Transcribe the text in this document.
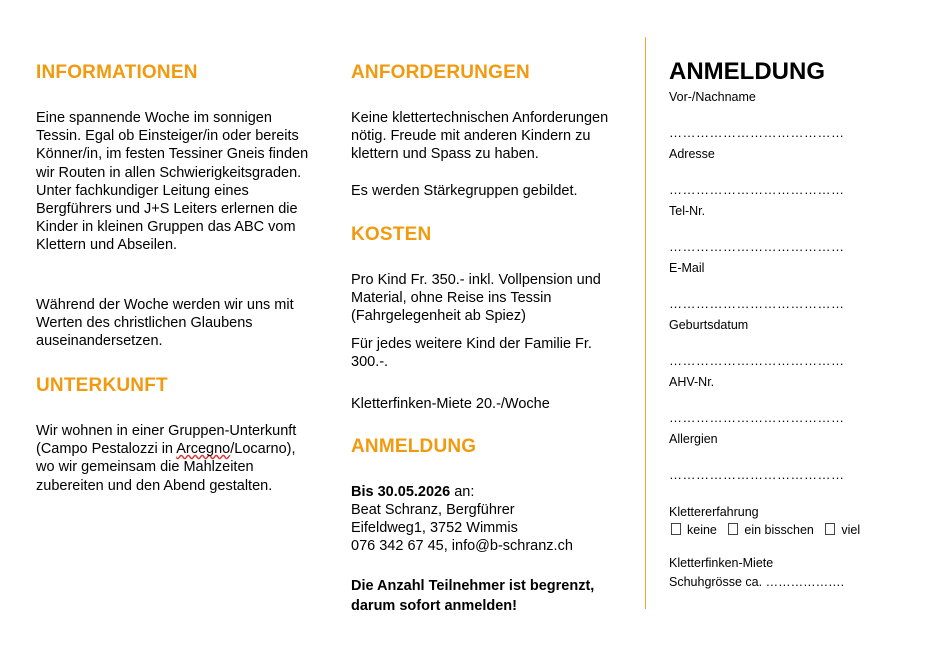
INFORMATIONEN

Eine spannende Woche im sonnigen Tessin. Egal ob Einsteiger/in oder bereits Könner/in, im festen Tessiner Gneis finden wir Routen in allen Schwierigkeitsgraden. Unter fachkundiger Leitung eines Bergführers und J+S Leiters erlernen die Kinder in kleinen Gruppen das ABC vom Klettern und Abseilen.

Während der Woche werden wir uns mit Werten des christlichen Glaubens auseinandersetzen.

UNTERKUNFT

Wir wohnen in einer Gruppen-Unterkunft (Campo Pestalozzi in Arcegno/Locarno), wo wir gemeinsam die Mahlzeiten zubereiten und den Abend gestalten.

ANFORDERUNGEN

Keine klettertechnischen Anforderungen nötig. Freude mit anderen Kindern zu klettern und Spass zu haben.

Es werden Stärkegruppen gebildet.

KOSTEN

Pro Kind Fr. 350.- inkl. Vollpension und Material, ohne Reise ins Tessin (Fahrgelegenheit ab Spiez)

Für jedes weitere Kind der Familie Fr. 300.-.

Kletterfinken-Miete 20.-/Woche

ANMELDUNG

Bis 30.05.2026 an:

Beat Schranz, Bergführer

Eifeldweg1, 3752 Wimmis

076 342 67 45, info@b-schranz.ch

Die Anzahl Teilnehmer ist begrenzt,

darum sofort anmelden!

ANMELDUNG
Vor-/Nachname
…………………………………
Adresse
…………………………………
Tel-Nr.
…………………………………
E-Mail
…………………………………
Geburtsdatum
…………………………………
AHV-Nr.
…………………………………
Allergien
…………………………………
Klettererfahrung
keine ein bisschen viel
Kletterfinken-Miete
Schuhgrösse ca. ……………….
